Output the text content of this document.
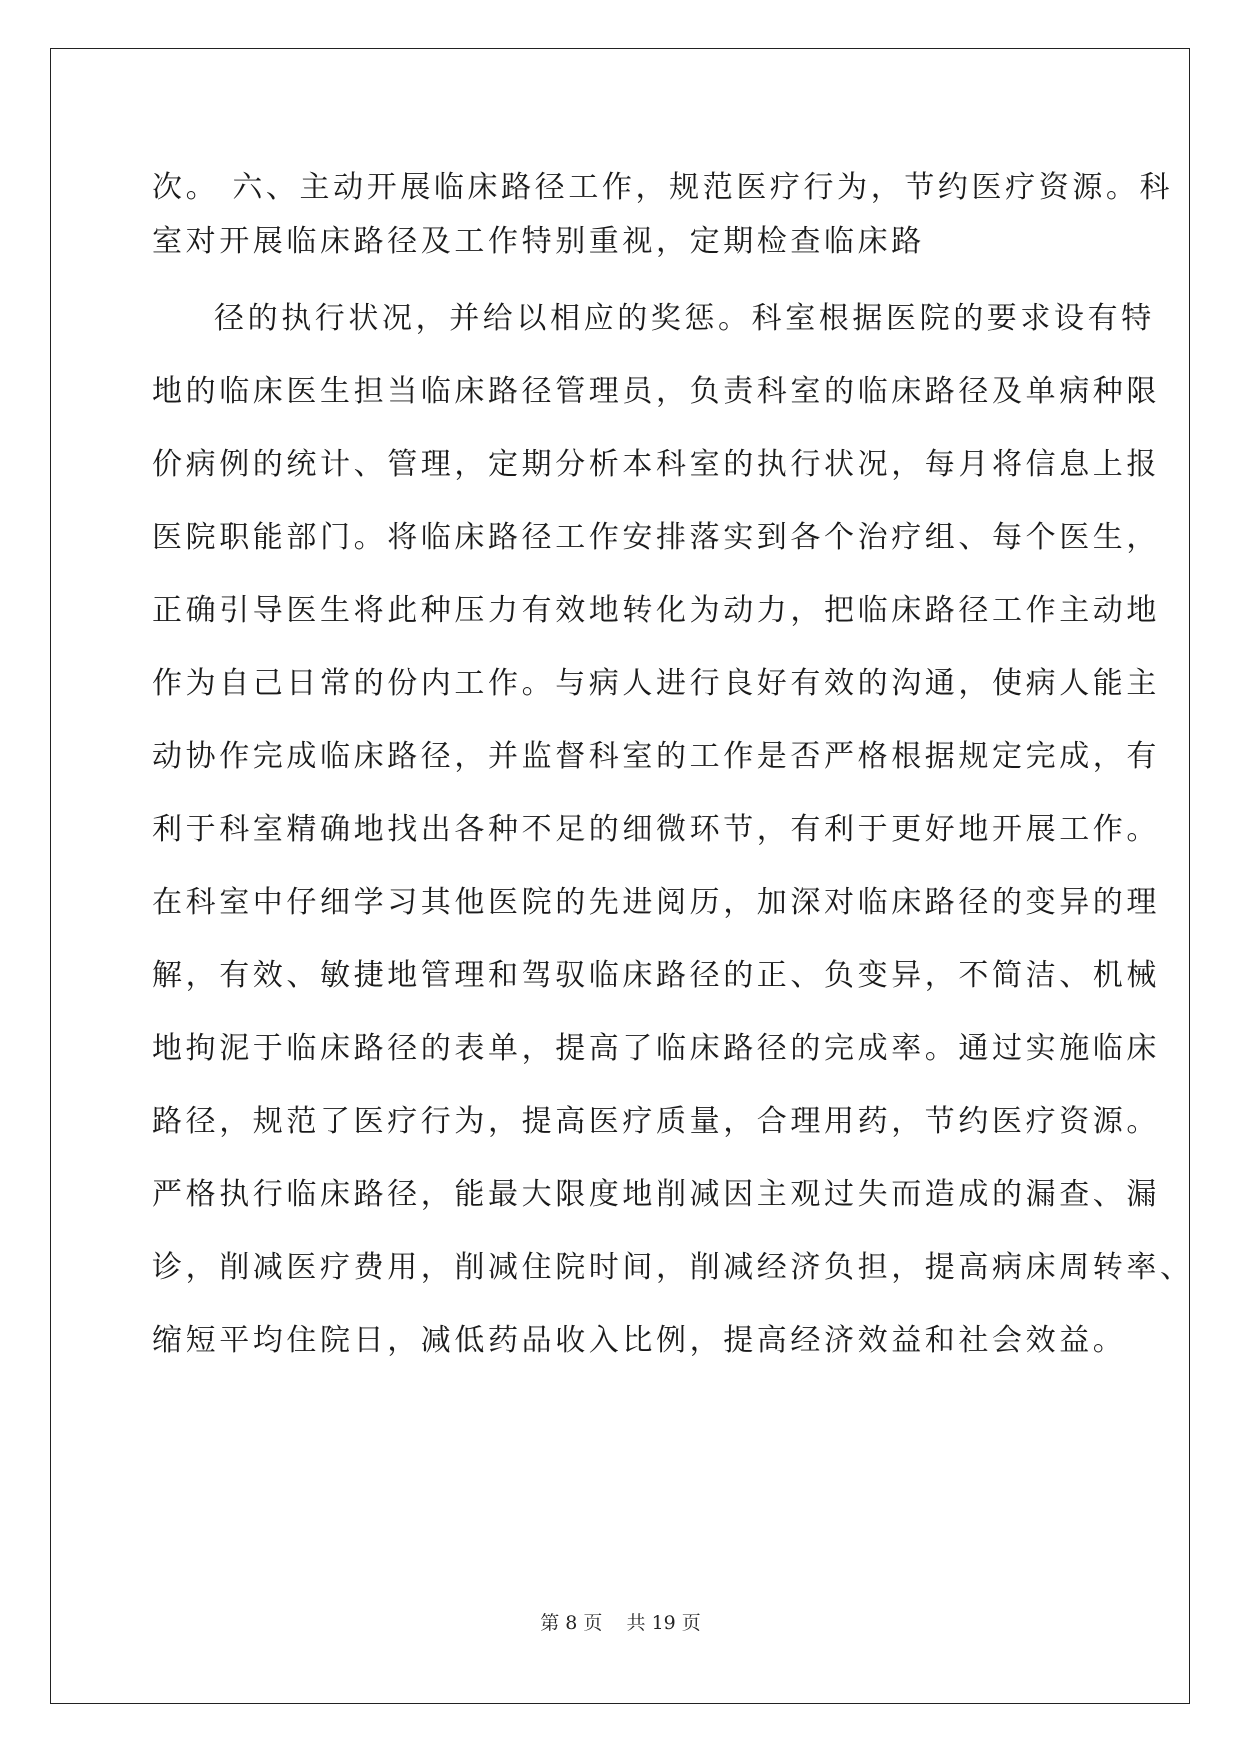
次。 六、主动开展临床路径工作，规范医疗行为，节约医疗资源。科
室对开展临床路径及工作特别重视，定期检查临床路
径的执行状况，并给以相应的奖惩。科室根据医院的要求设有特
地的临床医生担当临床路径管理员，负责科室的临床路径及单病种限
价病例的统计、管理，定期分析本科室的执行状况，每月将信息上报
医院职能部门。将临床路径工作安排落实到各个治疗组、每个医生，
正确引导医生将此种压力有效地转化为动力，把临床路径工作主动地
作为自己日常的份内工作。与病人进行良好有效的沟通，使病人能主
动协作完成临床路径，并监督科室的工作是否严格根据规定完成，有
利于科室精确地找出各种不足的细微环节，有利于更好地开展工作。
在科室中仔细学习其他医院的先进阅历，加深对临床路径的变异的理
解，有效、敏捷地管理和驾驭临床路径的正、负变异，不简洁、机械
地拘泥于临床路径的表单，提高了临床路径的完成率。通过实施临床
路径，规范了医疗行为，提高医疗质量，合理用药，节约医疗资源。
严格执行临床路径，能最大限度地削减因主观过失而造成的漏查、漏
诊，削减医疗费用，削减住院时间，削减经济负担，提高病床周转率、
缩短平均住院日，减低药品收入比例，提高经济效益和社会效益。
第 8 页    共 19 页
